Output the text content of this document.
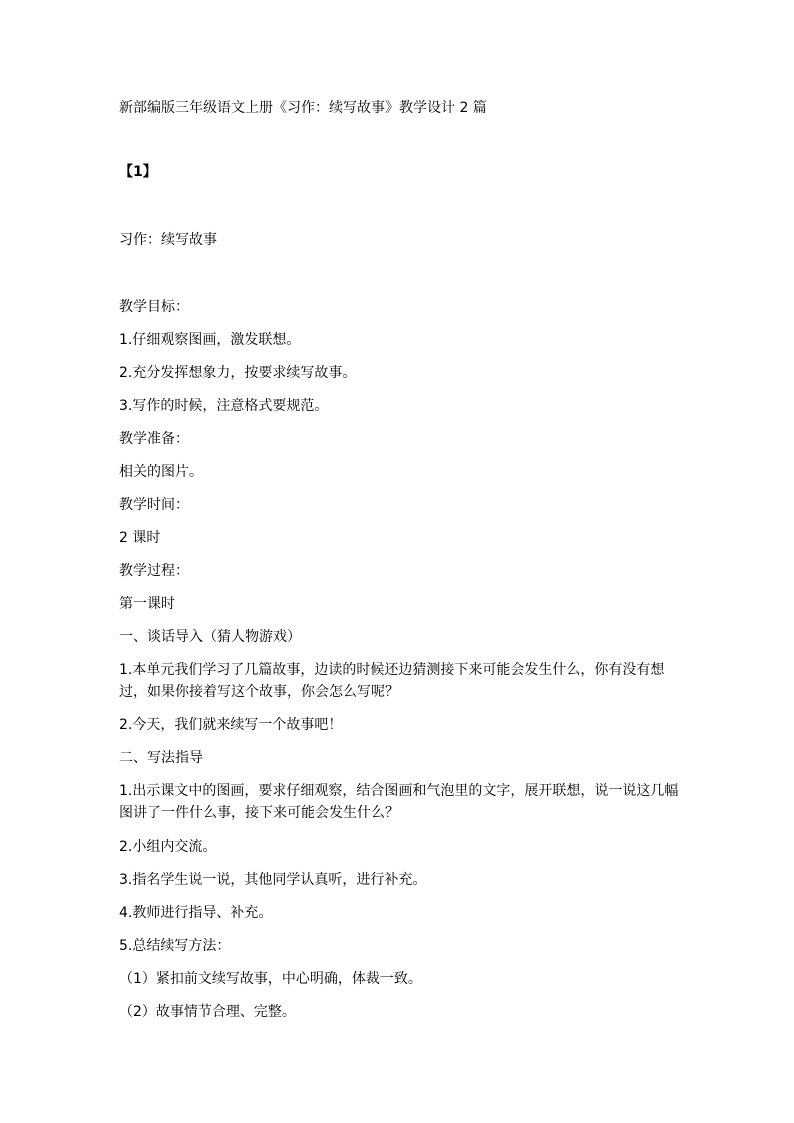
新部编版三年级语文上册《习作：续写故事》教学设计 2 篇
【1】
习作：续写故事
教学目标：
1.仔细观察图画，激发联想。
2.充分发挥想象力，按要求续写故事。
3.写作的时候，注意格式要规范。
教学准备：
相关的图片。
教学时间：
2 课时
教学过程：
第一课时
一、谈话导入（猜人物游戏）
1.本单元我们学习了几篇故事，边读的时候还边猜测接下来可能会发生什么，你有没有想过，如果你接着写这个故事，你会怎么写呢？
2.今天，我们就来续写一个故事吧！
二、写法指导
1.出示课文中的图画，要求仔细观察，结合图画和气泡里的文字，展开联想，说一说这几幅图讲了一件什么事，接下来可能会发生什么？
2.小组内交流。
3.指名学生说一说，其他同学认真听，进行补充。
4.教师进行指导、补充。
5.总结续写方法：
（1）紧扣前文续写故事，中心明确，体裁一致。
（2）故事情节合理、完整。
